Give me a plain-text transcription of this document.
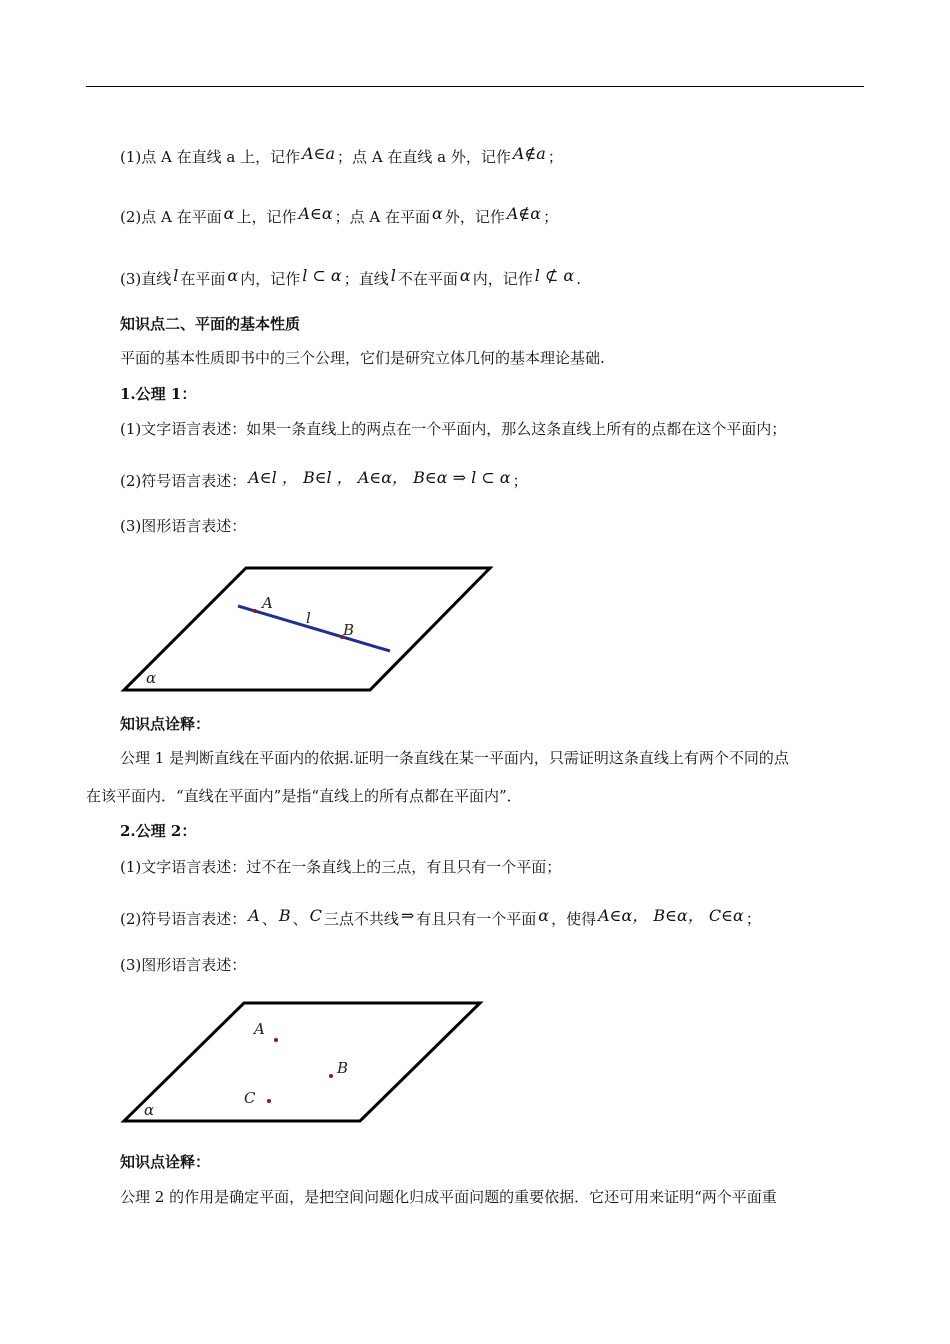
(1)点 A 在直线 a 上，记作 A∈a ；点 A 在直线 a 外，记作 A∉a ；
(2)点 A 在平面 α 上，记作 A∈α ；点 A 在平面 α 外，记作 A∉α ；
(3)直线 l 在平面 α 内，记作 l ⊂ α ；直线 l 不在平面 α 内，记作 l ⊄ α .
知识点二、平面的基本性质
平面的基本性质即书中的三个公理，它们是研究立体几何的基本理论基础.
1.公理 1：
(1)文字语言表述：如果一条直线上的两点在一个平面内，那么这条直线上所有的点都在这个平面内；
(2)符号语言表述： A∈l ， B∈l ， A∈α， B∈α ⇒ l ⊂ α ；
(3)图形语言表述：
A
l
B
α
知识点诠释：
公理 1 是判断直线在平面内的依据.证明一条直线在某一平面内，只需证明这条直线上有两个不同的点
在该平面内．“直线在平面内”是指“直线上的所有点都在平面内”．
2.公理 2：
(1)文字语言表述：过不在一条直线上的三点，有且只有一个平面；
(2)符号语言表述： A 、 B 、 C 三点不共线 ⇒ 有且只有一个平面 α ，使得 A∈α， B∈α， C∈α ；
(3)图形语言表述：
A
B
C
α
知识点诠释：
公理 2 的作用是确定平面，是把空间问题化归成平面问题的重要依据．它还可用来证明“两个平面重
